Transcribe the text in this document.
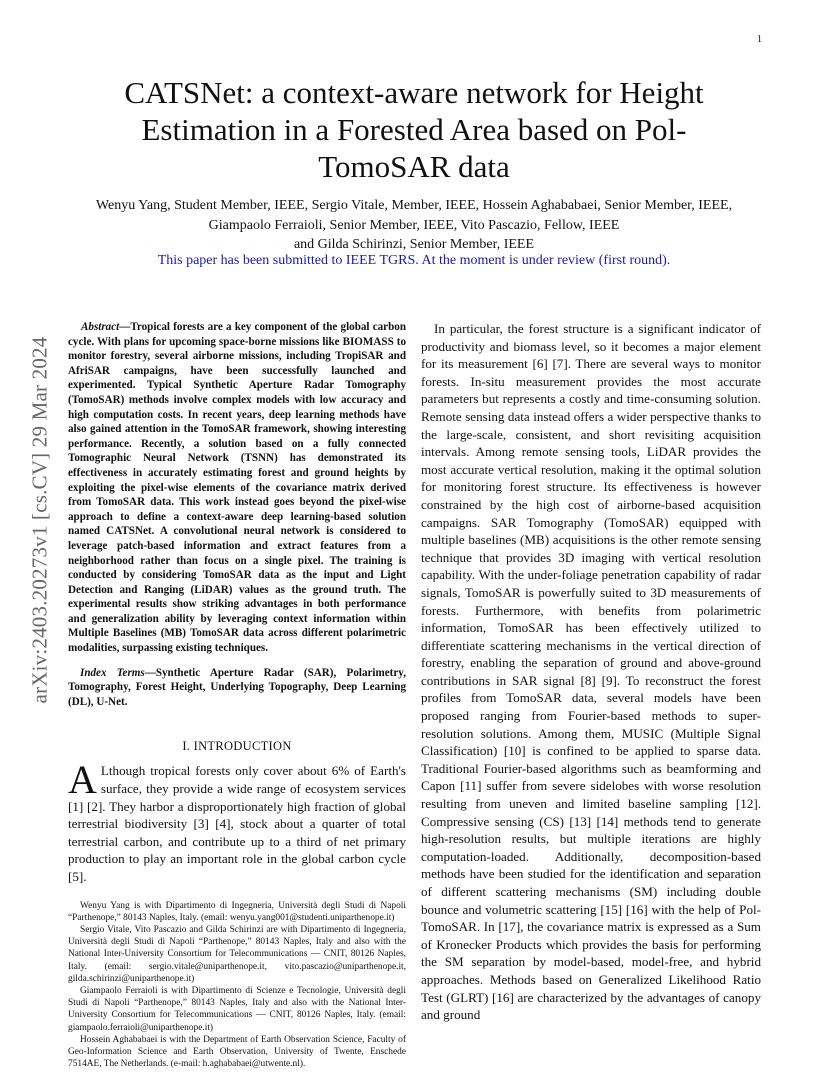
1
arXiv:2403.20273v1 [cs.CV] 29 Mar 2024
CATSNet: a context-aware network for Height Estimation in a Forested Area based on Pol-TomoSAR data

Wenyu Yang, Student Member, IEEE, Sergio Vitale, Member, IEEE, Hossein Aghababaei, Senior Member, IEEE,

Giampaolo Ferraioli, Senior Member, IEEE, Vito Pascazio, Fellow, IEEE

and Gilda Schirinzi, Senior Member, IEEE

This paper has been submitted to IEEE TGRS. At the moment is under review (first round).

Abstract—Tropical forests are a key component of the global carbon cycle. With plans for upcoming space-borne missions like BIOMASS to monitor forestry, several airborne missions, including TropiSAR and AfriSAR campaigns, have been successfully launched and experimented. Typical Synthetic Aperture Radar Tomography (TomoSAR) methods involve complex models with low accuracy and high computation costs. In recent years, deep learning methods have also gained attention in the TomoSAR framework, showing interesting performance. Recently, a solution based on a fully connected Tomographic Neural Network (TSNN) has demonstrated its effectiveness in accurately estimating forest and ground heights by exploiting the pixel-wise elements of the covariance matrix derived from TomoSAR data. This work instead goes beyond the pixel-wise approach to define a context-aware deep learning-based solution named CATSNet. A convolutional neural network is considered to leverage patch-based information and extract features from a neighborhood rather than focus on a single pixel. The training is conducted by considering TomoSAR data as the input and Light Detection and Ranging (LiDAR) values as the ground truth. The experimental results show striking advantages in both performance and generalization ability by leveraging context information within Multiple Baselines (MB) TomoSAR data across different polarimetric modalities, surpassing existing techniques.

Index Terms—Synthetic Aperture Radar (SAR), Polarimetry, Tomography, Forest Height, Underlying Topography, Deep Learning (DL), U-Net.

I. INTRODUCTION

A Lthough tropical forests only cover about 6% of Earth's surface, they provide a wide range of ecosystem services [1] [2]. They harbor a disproportionately high fraction of global terrestrial biodiversity [3] [4], stock about a quarter of total terrestrial carbon, and contribute up to a third of net primary production to play an important role in the global carbon cycle [5].

Wenyu Yang is with Dipartimento di Ingegneria, Università degli Studi di Napoli “Parthenope,” 80143 Naples, Italy. (email: wenyu.yang001@studenti.uniparthenope.it)

Sergio Vitale, Vito Pascazio and Gilda Schirinzi are with Dipartimento di Ingegneria, Università degli Studi di Napoli “Parthenope,” 80143 Naples, Italy and also with the National Inter-University Consortium for Telecommunications — CNIT, 80126 Naples, Italy. (email: sergio.vitale@uniparthenope.it, vito.pascazio@uniparthenope.it, gilda.schirinzi@uniparthenope.it)

Giampaolo Ferraioli is with Dipartimento di Scienze e Tecnologie, Università degli Studi di Napoli “Parthenope,” 80143 Naples, Italy and also with the National Inter-University Consortium for Telecommunications — CNIT, 80126 Naples, Italy. (email: giampaolo.ferraioli@uniparthenope.it)

Hossein Aghababaei is with the Department of Earth Observation Science, Faculty of Geo-Information Science and Earth Observation, University of Twente, Enschede 7514AE, The Netherlands. (e-mail: h.aghababaei@utwente.nl).

In particular, the forest structure is a significant indicator of productivity and biomass level, so it becomes a major element for its measurement [6] [7]. There are several ways to monitor forests. In-situ measurement provides the most accurate parameters but represents a costly and time-consuming solution. Remote sensing data instead offers a wider perspective thanks to the large-scale, consistent, and short revisiting acquisition intervals. Among remote sensing tools, LiDAR provides the most accurate vertical resolution, making it the optimal solution for monitoring forest structure. Its effectiveness is however constrained by the high cost of airborne-based acquisition campaigns. SAR Tomography (TomoSAR) equipped with multiple baselines (MB) acquisitions is the other remote sensing technique that provides 3D imaging with vertical resolution capability. With the under-foliage penetration capability of radar signals, TomoSAR is powerfully suited to 3D measurements of forests. Furthermore, with benefits from polarimetric information, TomoSAR has been effectively utilized to differentiate scattering mechanisms in the vertical direction of forestry, enabling the separation of ground and above-ground contributions in SAR signal [8] [9]. To reconstruct the forest profiles from TomoSAR data, several models have been proposed ranging from Fourier-based methods to super-resolution solutions. Among them, MUSIC (Multiple Signal Classification) [10] is confined to be applied to sparse data. Traditional Fourier-based algorithms such as beamforming and Capon [11] suffer from severe sidelobes with worse resolution resulting from uneven and limited baseline sampling [12]. Compressive sensing (CS) [13] [14] methods tend to generate high-resolution results, but multiple iterations are highly computation-loaded. Additionally, decomposition-based methods have been studied for the identification and separation of different scattering mechanisms (SM) including double bounce and volumetric scattering [15] [16] with the help of Pol-TomoSAR. In [17], the covariance matrix is expressed as a Sum of Kronecker Products which provides the basis for performing the SM separation by model-based, model-free, and hybrid approaches. Methods based on Generalized Likelihood Ratio Test (GLRT) [16] are characterized by the advantages of canopy and ground
